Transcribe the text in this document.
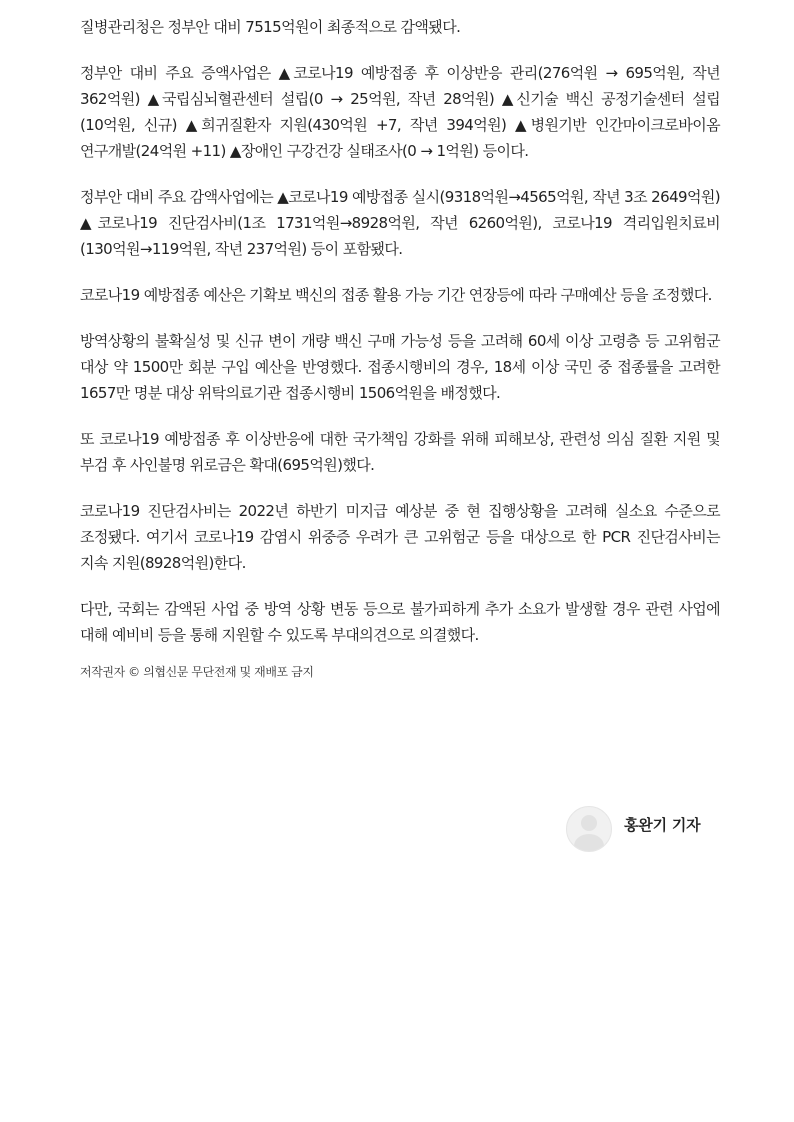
질병관리청은 정부안 대비 7515억원이 최종적으로 감액됐다.

정부안 대비 주요 증액사업은 ▲코로나19 예방접종 후 이상반응 관리(276억원 → 695억원, 작년 362억원) ▲국립심뇌혈관센터 설립(0 → 25억원, 작년 28억원) ▲신기술 백신 공정기술센터 설립(10억원, 신규) ▲희귀질환자 지원(430억원 +7, 작년 394억원) ▲병원기반 인간마이크로바이옴 연구개발(24억원 +11) ▲장애인 구강건강 실태조사(0 → 1억원) 등이다.

정부안 대비 주요 감액사업에는 ▲코로나19 예방접종 실시(9318억원→4565억원, 작년 3조 2649억원) ▲코로나19 진단검사비(1조 1731억원→8928억원, 작년 6260억원), 코로나19 격리입원치료비(130억원→119억원, 작년 237억원) 등이 포함됐다.

코로나19 예방접종 예산은 기확보 백신의 접종 활용 가능 기간 연장등에 따라 구매예산 등을 조정했다.

방역상황의 불확실성 및 신규 변이 개량 백신 구매 가능성 등을 고려해 60세 이상 고령층 등 고위험군 대상 약 1500만 회분 구입 예산을 반영했다. 접종시행비의 경우, 18세 이상 국민 중 접종률을 고려한 1657만 명분 대상 위탁의료기관 접종시행비 1506억원을 배정했다.

또 코로나19 예방접종 후 이상반응에 대한 국가책임 강화를 위해 피해보상, 관련성 의심 질환 지원 및 부검 후 사인불명 위로금은 확대(695억원)했다.

코로나19 진단검사비는 2022년 하반기 미지급 예상분 중 현 집행상황을 고려해 실소요 수준으로 조정됐다. 여기서 코로나19 감염시 위중증 우려가 큰 고위험군 등을 대상으로 한 PCR 진단검사비는 지속 지원(8928억원)한다.

다만, 국회는 감액된 사업 중 방역 상황 변동 등으로 불가피하게 추가 소요가 발생할 경우 관련 사업에 대해 예비비 등을 통해 지원할 수 있도록 부대의견으로 의결했다.

저작권자 © 의협신문 무단전재 및 재배포 금지

홍완기 기자
